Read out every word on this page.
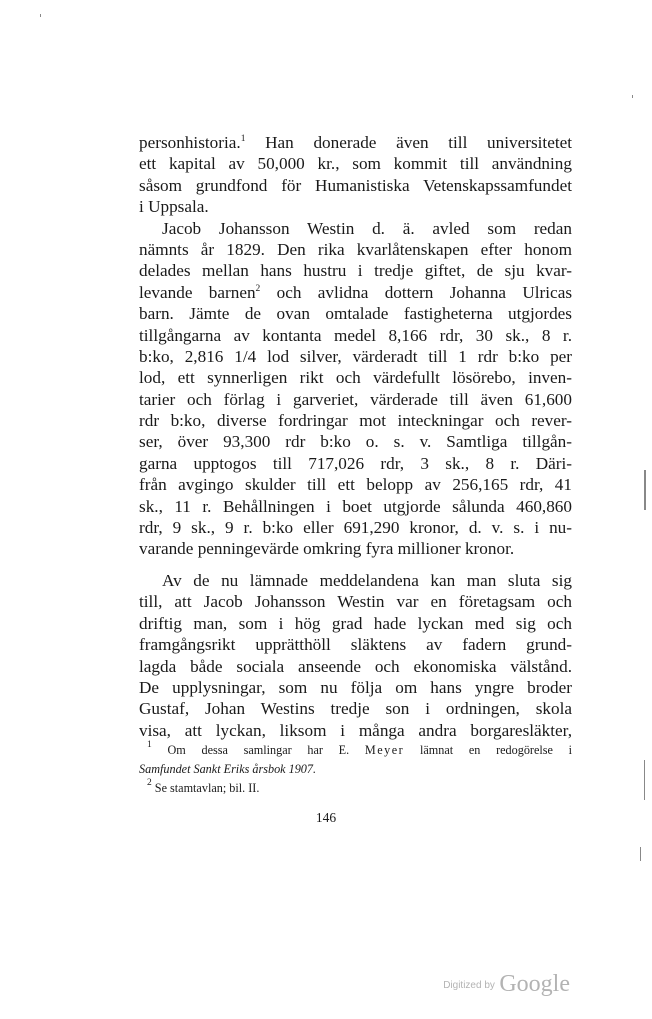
personhistoria.$^1$ Han donerade även till universitetet
ett kapital av 50,000 kr., som kommit till användning
såsom grundfond för Humanistiska Vetenskapssamfundet
i Uppsala.
Jacob Johansson Westin d. ä. avled som redan
nämnts år 1829. Den rika kvarlåtenskapen efter honom
delades mellan hans hustru i tredje giftet, de sju kvar-
levande barnen$^2$ och avlidna dottern Johanna Ulricas
barn. Jämte de ovan omtalade fastigheterna utgjordes
tillgångarna av kontanta medel 8,166 rdr, 30 sk., 8 r.
b:ko, 2,816 1/4 lod silver, värderadt till 1 rdr b:ko per
lod, ett synnerligen rikt och värdefullt lösörebo, inven-
tarier och förlag i garveriet, värderade till även 61,600
rdr b:ko, diverse fordringar mot inteckningar och rever-
ser, över 93,300 rdr b:ko o. s. v. Samtliga tillgån-
garna upptogos till 717,026 rdr, 3 sk., 8 r. Däri-
från avgingo skulder till ett belopp av 256,165 rdr, 41
sk., 11 r. Behållningen i boet utgjorde sålunda 460,860
rdr, 9 sk., 9 r. b:ko eller 691,290 kronor, d. v. s. i nu-
varande penningevärde omkring fyra millioner kronor.
Av de nu lämnade meddelandena kan man sluta sig
till, att Jacob Johansson Westin var en företagsam och
driftig man, som i hög grad hade lyckan med sig och
framgångsrikt upprätthöll släktens av fadern grund-
lagda både sociala anseende och ekonomiska välstånd.
De upplysningar, som nu följa om hans yngre broder
Gustaf, Johan Westins tredje son i ordningen, skola
visa, att lyckan, liksom i många andra borgaresläkter,
$^1$ Om dessa samlingar har E. Meyer lämnat en redogörelse i
Samfundet Sankt Eriks årsbok 1907.
$^2$ Se stamtavlan; bil. II.
146
Digitized by Google
